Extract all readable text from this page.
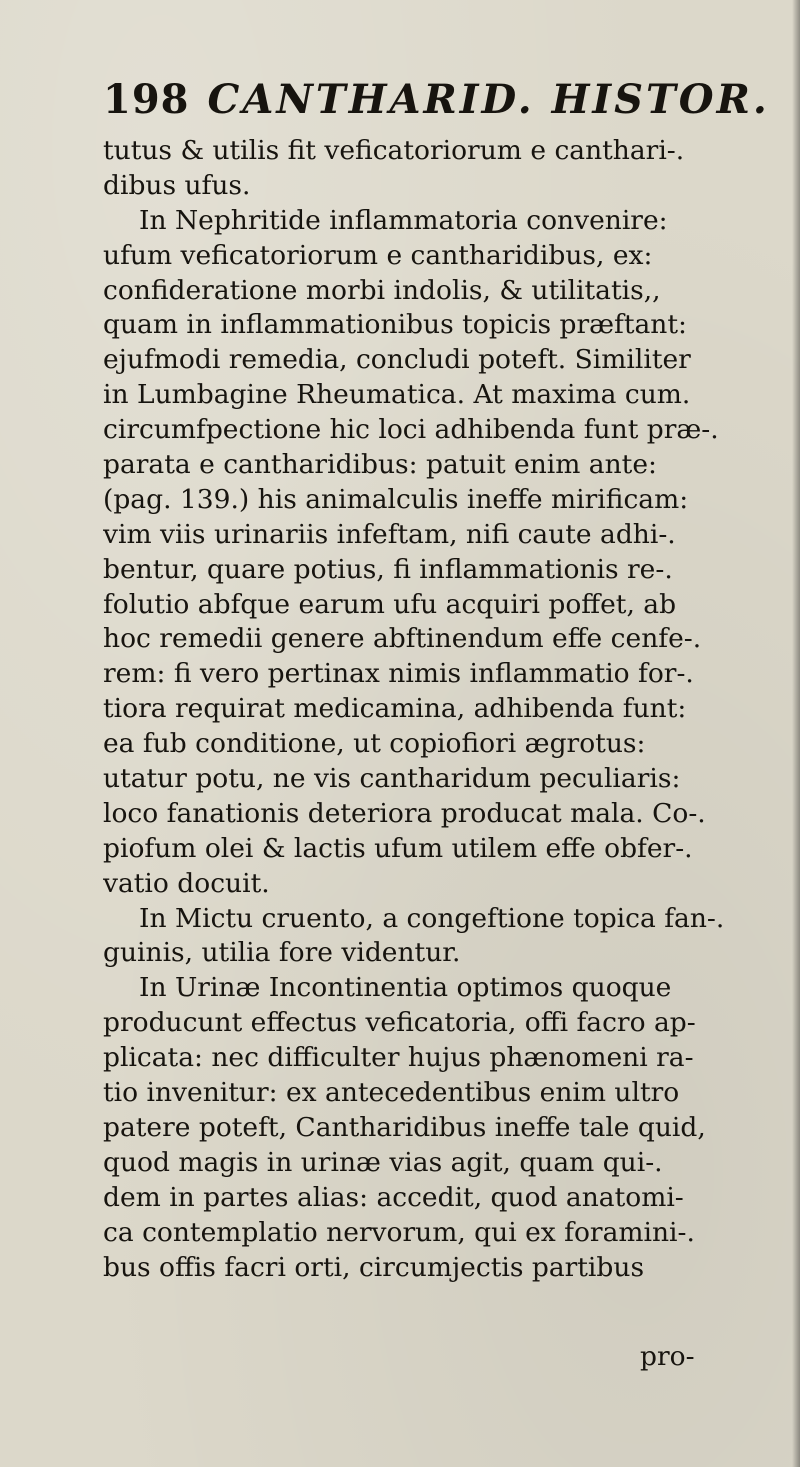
198 CANTHARID. HISTOR.
tutus & utilis fit veficatoriorum e canthari-.
dibus ufus.
In Nephritide inflammatoria convenire:
ufum veficatoriorum e cantharidibus, ex:
confideratione morbi indolis, & utilitatis,,
quam in inflammationibus topicis præftant:
ejufmodi remedia, concludi poteft. Similiter
in Lumbagine Rheumatica. At maxima cum.
circumfpectione hic loci adhibenda funt præ-.
parata e cantharidibus: patuit enim ante:
(pag. 139.) his animalculis ineffe mirificam:
vim viis urinariis infeftam, nifi caute adhi-.
bentur, quare potius, fi inflammationis re-.
folutio abfque earum ufu acquiri poffet, ab
hoc remedii genere abftinendum effe cenfe-.
rem: fi vero pertinax nimis inflammatio for-.
tiora requirat medicamina, adhibenda funt:
ea fub conditione, ut copiofiori ægrotus:
utatur potu, ne vis cantharidum peculiaris:
loco fanationis deteriora producat mala. Co-.
piofum olei & lactis ufum utilem effe obfer-.
vatio docuit.
In Mictu cruento, a congeftione topica fan-.
guinis, utilia fore videntur.
In Urinæ Incontinentia optimos quoque
producunt effectus veficatoria, offi facro ap-
plicata: nec difficulter hujus phænomeni ra-
tio invenitur: ex antecedentibus enim ultro
patere poteft, Cantharidibus ineffe tale quid,
quod magis in urinæ vias agit, quam qui-.
dem in partes alias: accedit, quod anatomi-
ca contemplatio nervorum, qui ex foramini-.
bus offis facri orti, circumjectis partibus
pro-
